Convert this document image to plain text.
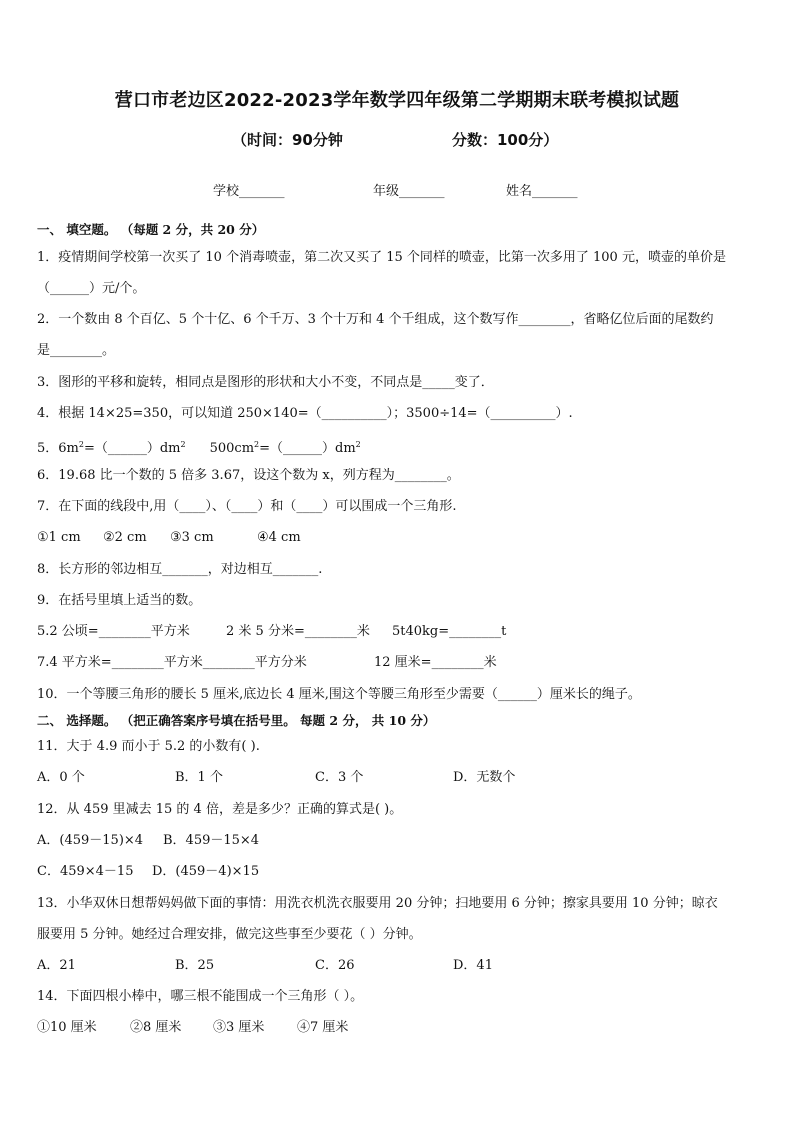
营口市老边区2022-2023学年数学四年级第二学期期末联考模拟试题
（时间：90分钟	分数：100分）
学校_______	年级_______	姓名_______
一、 填空题。 （每题 2 分，共 20 分）
1．疫情期间学校第一次买了 10 个消毒喷壶，第二次又买了 15 个同样的喷壶，比第一次多用了 100 元，喷壶的单价是
（______）元/个。
2．一个数由 8 个百亿、5 个十亿、6 个千万、3 个十万和 4 个千组成，这个数写作________，省略亿位后面的尾数约
是________。
3．图形的平移和旋转，相同点是图形的形状和大小不变，不同点是_____变了．
4．根据 14×25=350，可以知道 250×140=（__________）；3500÷14=（__________）.
5．$6m^2=(\_\_\_\_\_\_)dm^2$ $500cm^2=(\_\_\_\_\_\_)dm^2$
6．19.68 比一个数的 5 倍多 3.67，设这个数为 x，列方程为________。
7．在下面的线段中,用（____）、（____）和（____）可以围成一个三角形.
①1 cm ②2 cm ③3 cm	④4 cm
8．长方形的邻边相互_______，对边相互_______.
9．在括号里填上适当的数。
5.2 公顷=________平方米	2 米 5 分米=________米 5t40kg=________t
7.4 平方米=________平方米________平方分米	12 厘米=________米
10．一个等腰三角形的腰长 5 厘米,底边长 4 厘米,围这个等腰三角形至少需要（______）厘米长的绳子。
二、 选择题。 （把正确答案序号填在括号里。 每题 2 分， 共 10 分）
11．大于 4.9 而小于 5.2 的小数有( ).
A．0 个	B．1 个	C．3 个	D．无数个
12．从 459 里减去 15 的 4 倍，差是多少？正确的算式是( )。
A．(459－15)×4 B．459－15×4
C．459×4－15 D．(459－4)×15
13．小华双休日想帮妈妈做下面的事情：用洗衣机洗衣服要用 20 分钟；扫地要用 6 分钟；擦家具要用 10 分钟；晾衣
服要用 5 分钟。她经过合理安排，做完这些事至少要花（ ）分钟。
A．21	B．25	C．26	D．41
14．下面四根小棒中，哪三根不能围成一个三角形（ ）。
①10 厘米	②8 厘米 ③3 厘米	④7 厘米
